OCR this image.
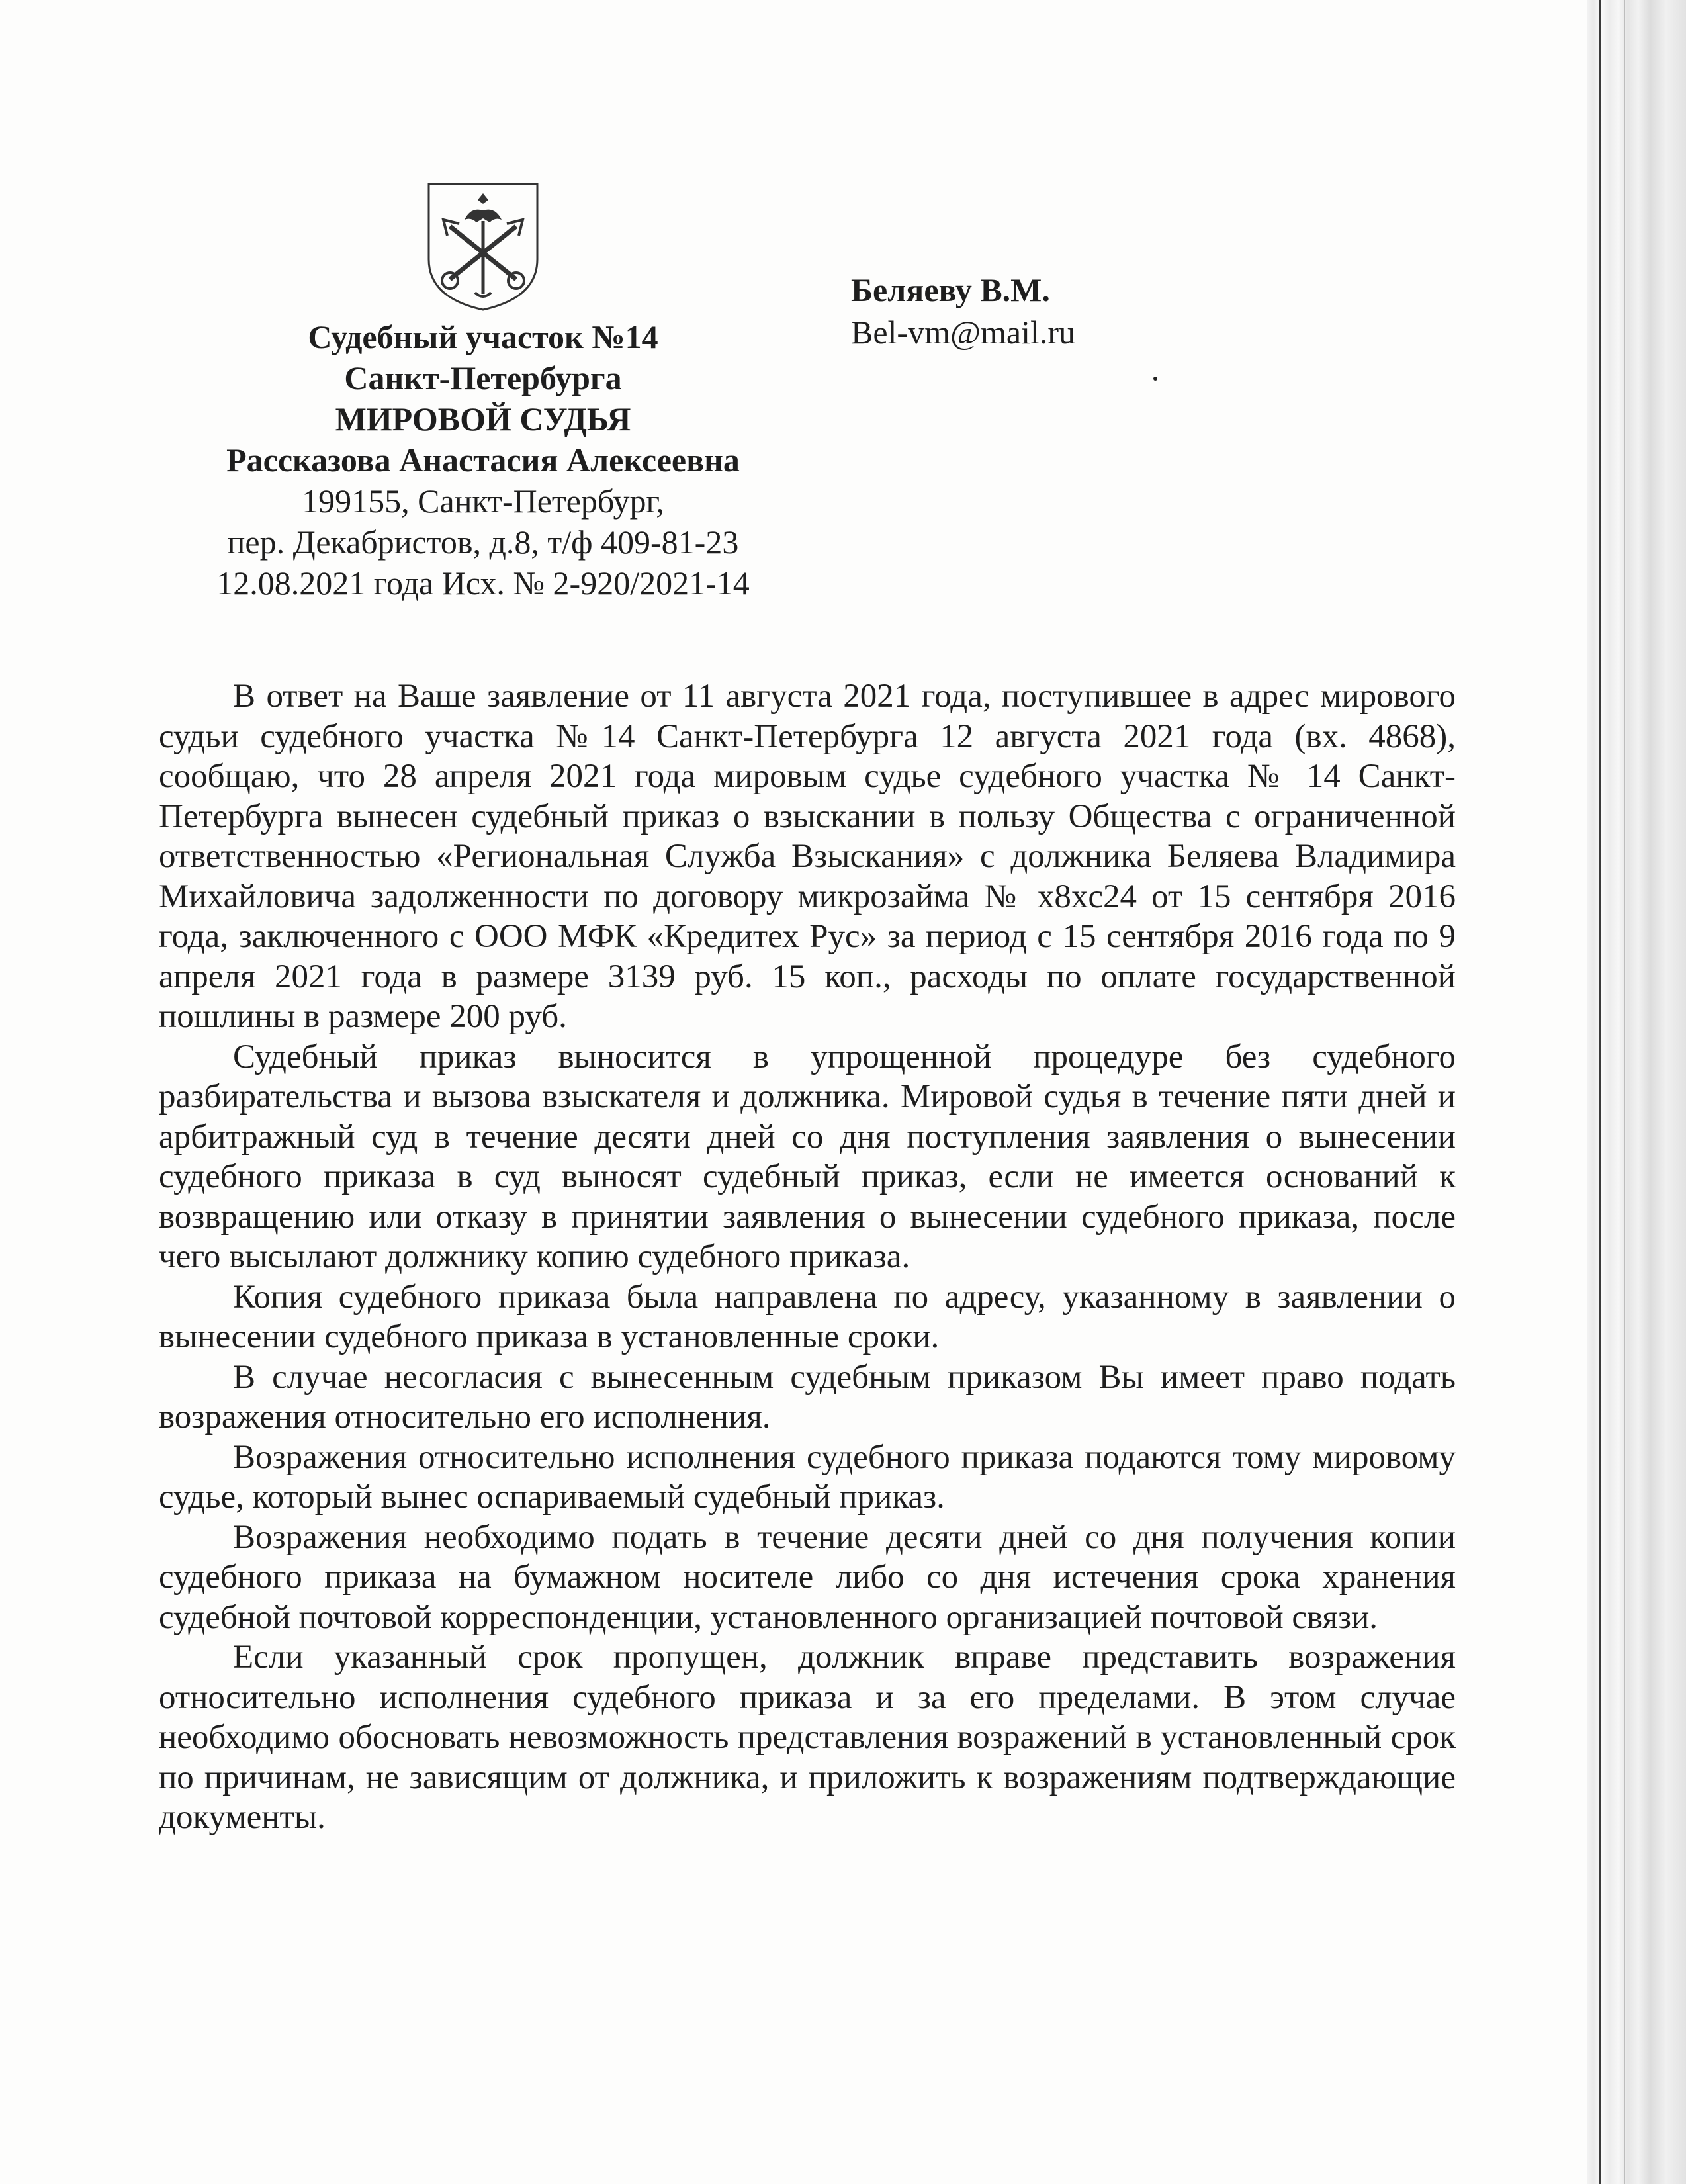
Судебный участок №14
Санкт-Петербурга
МИРОВОЙ СУДЬЯ
Рассказова Анастасия Алексеевна
199155, Санкт-Петербург,
пер. Декабристов, д.8, т/ф 409-81-23
12.08.2021 года Исх. № 2-920/2021-14
Беляеву В.М.
Bel-vm@mail.ru

В ответ на Ваше заявление от 11 августа 2021 года, поступившее в адрес мирового судьи судебного участка №14 Санкт-Петербурга 12 августа 2021 года (вх. 4868), сообщаю, что 28 апреля 2021 года мировым судье судебного участка № 14 Санкт-Петербурга вынесен судебный приказ о взыскании в пользу Общества с ограниченной ответственностью «Региональная Служба Взыскания» с должника Беляева Владимира Михайловича задолженности по договору микрозайма № x8xc24 от 15 сентября 2016 года, заключенного с ООО МФК «Кредитех Рус» за период с 15 сентября 2016 года по 9 апреля 2021 года в размере 3139 руб. 15 коп., расходы по оплате государственной пошлины в размере 200 руб.

Судебный приказ выносится в упрощенной процедуре без судебного разбирательства и вызова взыскателя и должника. Мировой судья в течение пяти дней и арбитражный суд в течение десяти дней со дня поступления заявления о вынесении судебного приказа в суд выносят судебный приказ, если не имеется оснований к возвращению или отказу в принятии заявления о вынесении судебного приказа, после чего высылают должнику копию судебного приказа.

Копия судебного приказа была направлена по адресу, указанному в заявлении о вынесении судебного приказа в установленные сроки.

В случае несогласия с вынесенным судебным приказом Вы имеет право подать возражения относительно его исполнения.

Возражения относительно исполнения судебного приказа подаются тому мировому судье, который вынес оспариваемый судебный приказ.

Возражения необходимо подать в течение десяти дней со дня получения копии судебного приказа на бумажном носителе либо со дня истечения срока хранения судебной почтовой корреспонденции, установленного организацией почтовой связи.

Если указанный срок пропущен, должник вправе представить возражения относительно исполнения судебного приказа и за его пределами. В этом случае необходимо обосновать невозможность представления возражений в установленный срок по причинам, не зависящим от должника, и приложить к возражениям подтверждающие документы.
